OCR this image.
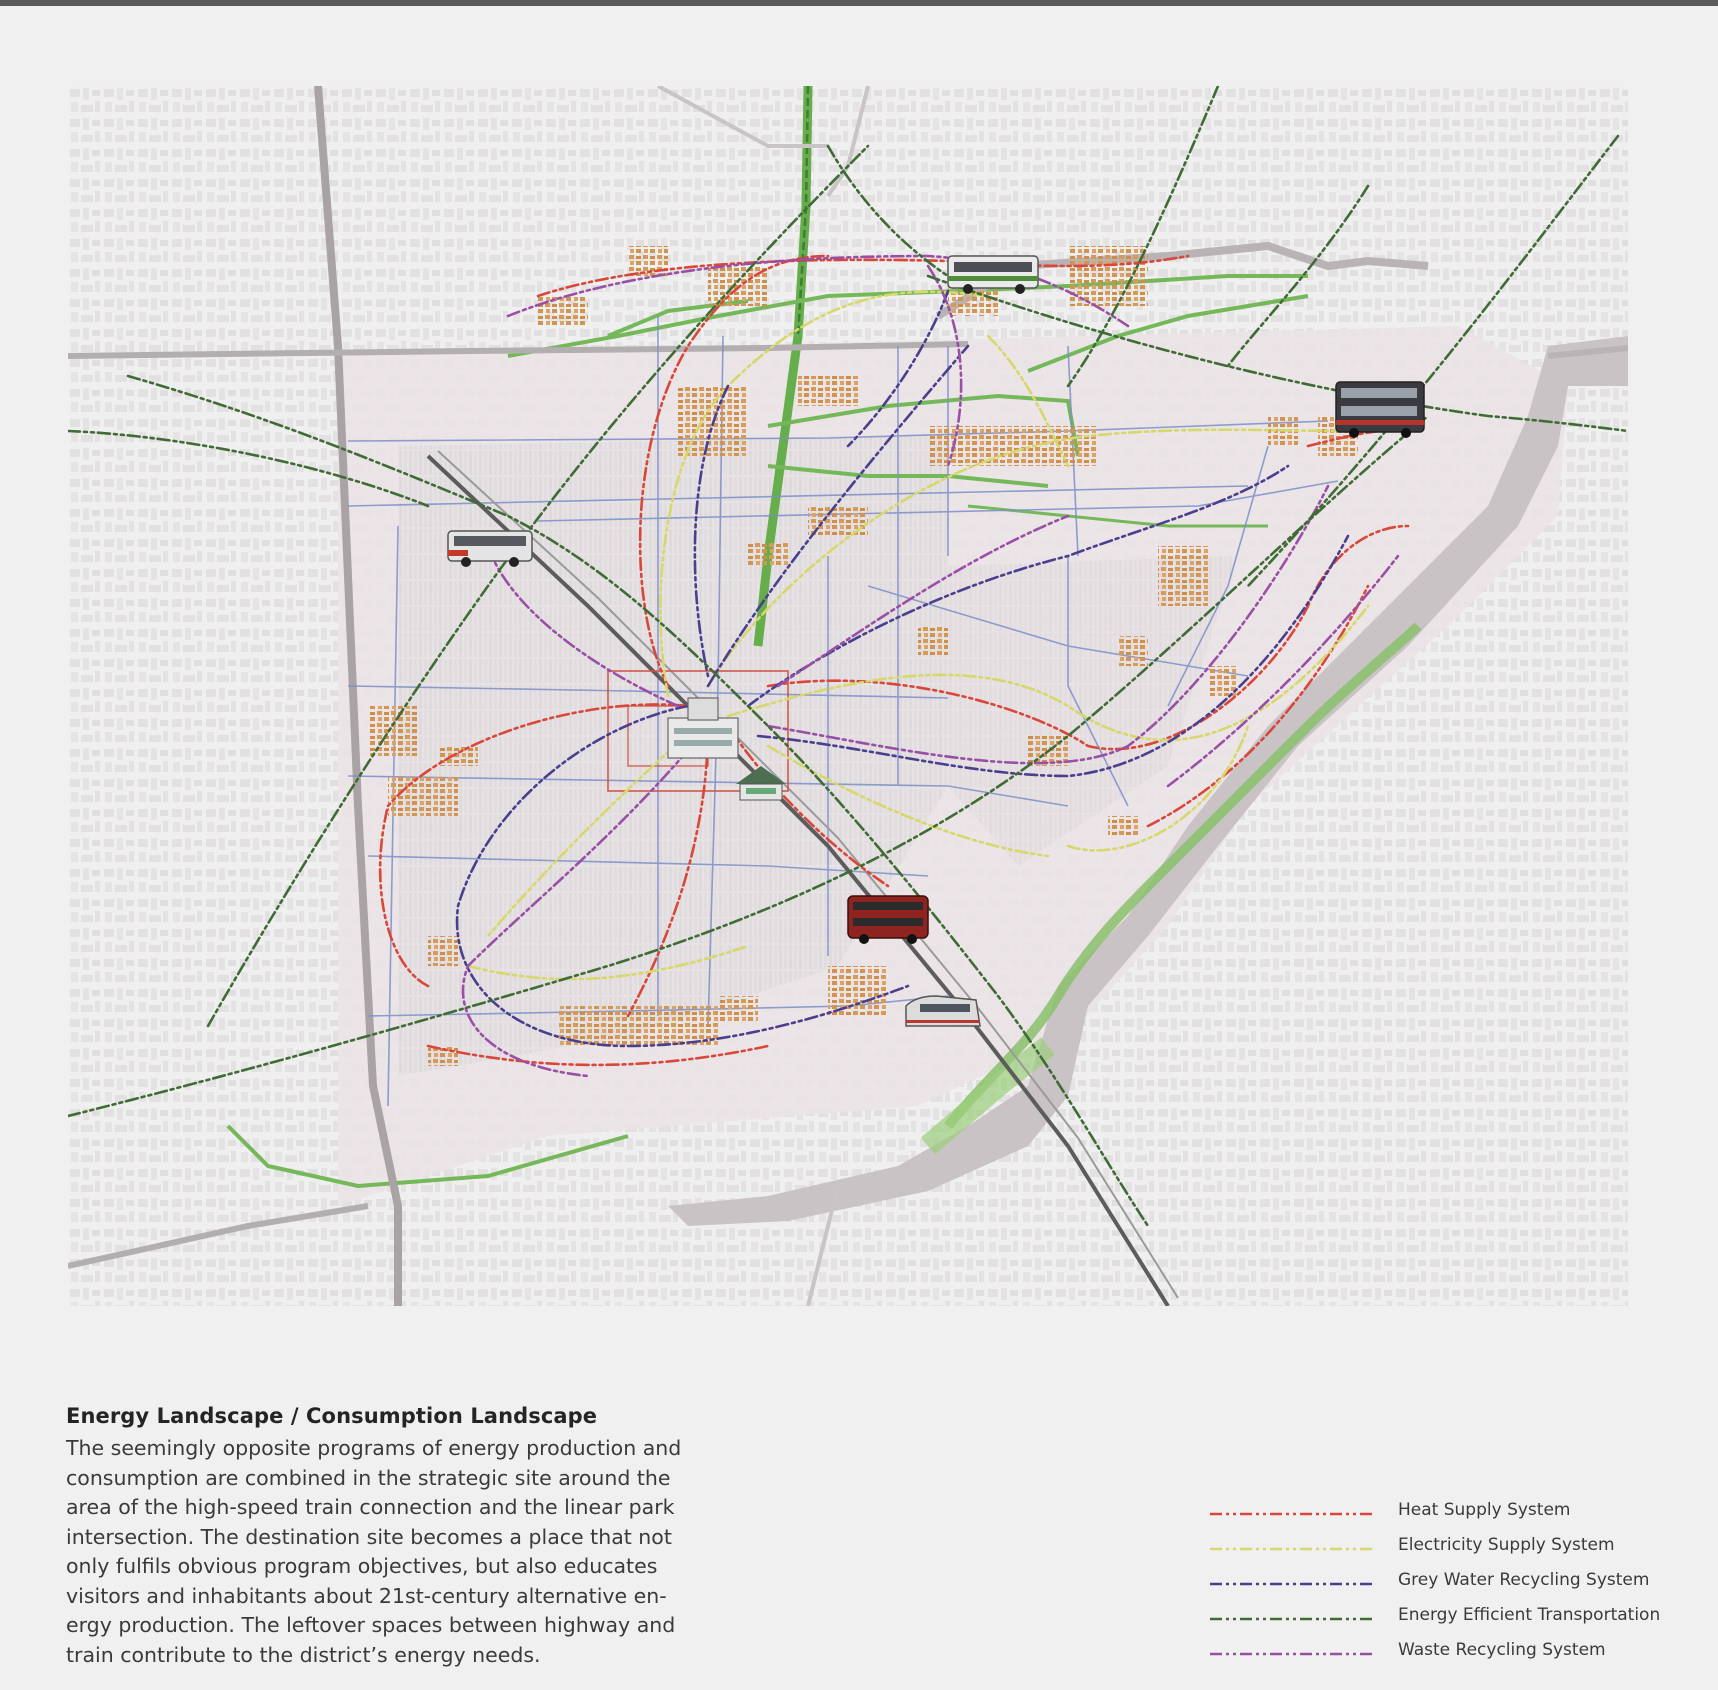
Energy Landscape / Consumption Landscape

The seemingly opposite programs of energy production and
consumption are combined in the strategic site around the
area of the high-speed train connection and the linear park
intersection. The destination site becomes a place that not
only fulfils obvious program objectives, but also educates
visitors and inhabitants about 21st-century alternative en-
ergy production. The leftover spaces between highway and
train contribute to the district’s energy needs.

Heat Supply System
Electricity Supply System
Grey Water Recycling System
Energy Efficient Transportation
Waste Recycling System
